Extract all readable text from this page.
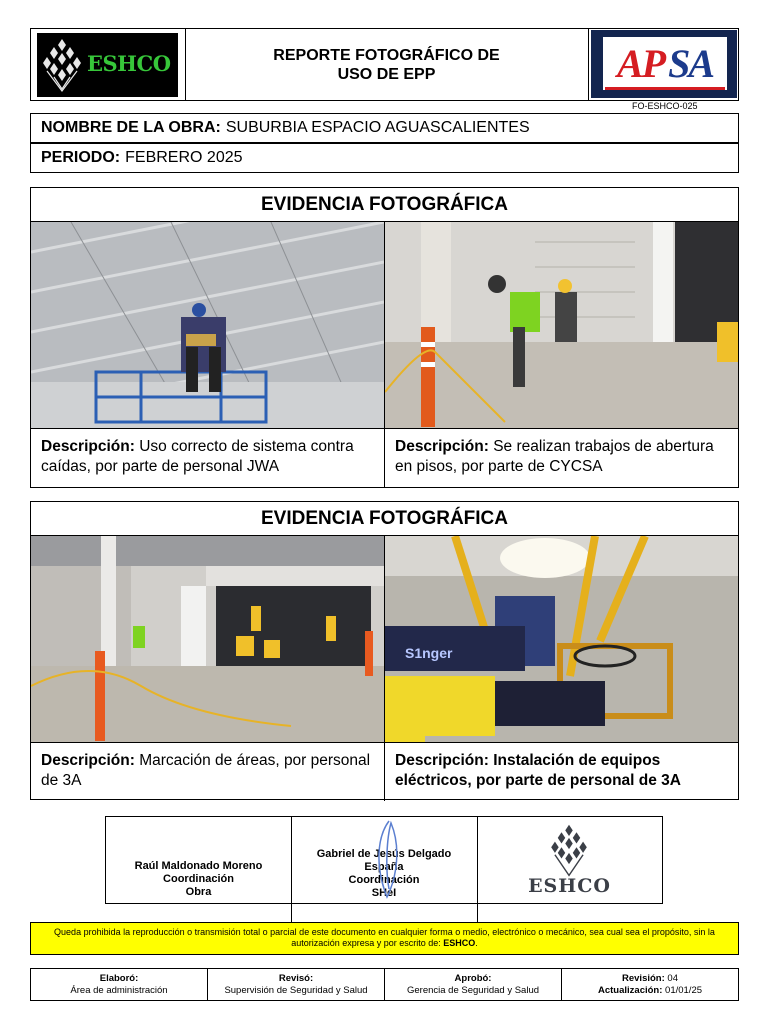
ESHCO	REPORTE FOTOGRÁFICO DE
USO DE EPP	AP SA
FO-ESHCO-025
NOMBRE DE LA OBRA: SUBURBIA ESPACIO AGUASCALIENTES
PERIODO: FEBRERO 2025
EVIDENCIA FOTOGRÁFICA
Descripción: Uso correcto de sistema contra caídas, por parte de personal JWA
Descripción: Se realizan trabajos de abertura en pisos, por parte de CYCSA
EVIDENCIA FOTOGRÁFICA
S1nger
Descripción: Marcación de áreas, por personal de 3A
Descripción: Instalación de equipos eléctricos, por parte de personal de 3A
Raúl Maldonado Moreno
Coordinación
Obra
Gabriel de Jesús Delgado
España
Coordinación
SHeI	ESHCO
Queda prohibida la reproducción o transmisión total o parcial de este documento en cualquier forma o medio, electrónico o mecánico, sea cual sea el propósito, sin la autorización expresa y por escrito de: ESHCO.
Elaboró:
Área de administración
Revisó:
Supervisión de Seguridad y Salud
Aprobó:
Gerencia de Seguridad y Salud
Revisión: 04
Actualización: 01/01/25
